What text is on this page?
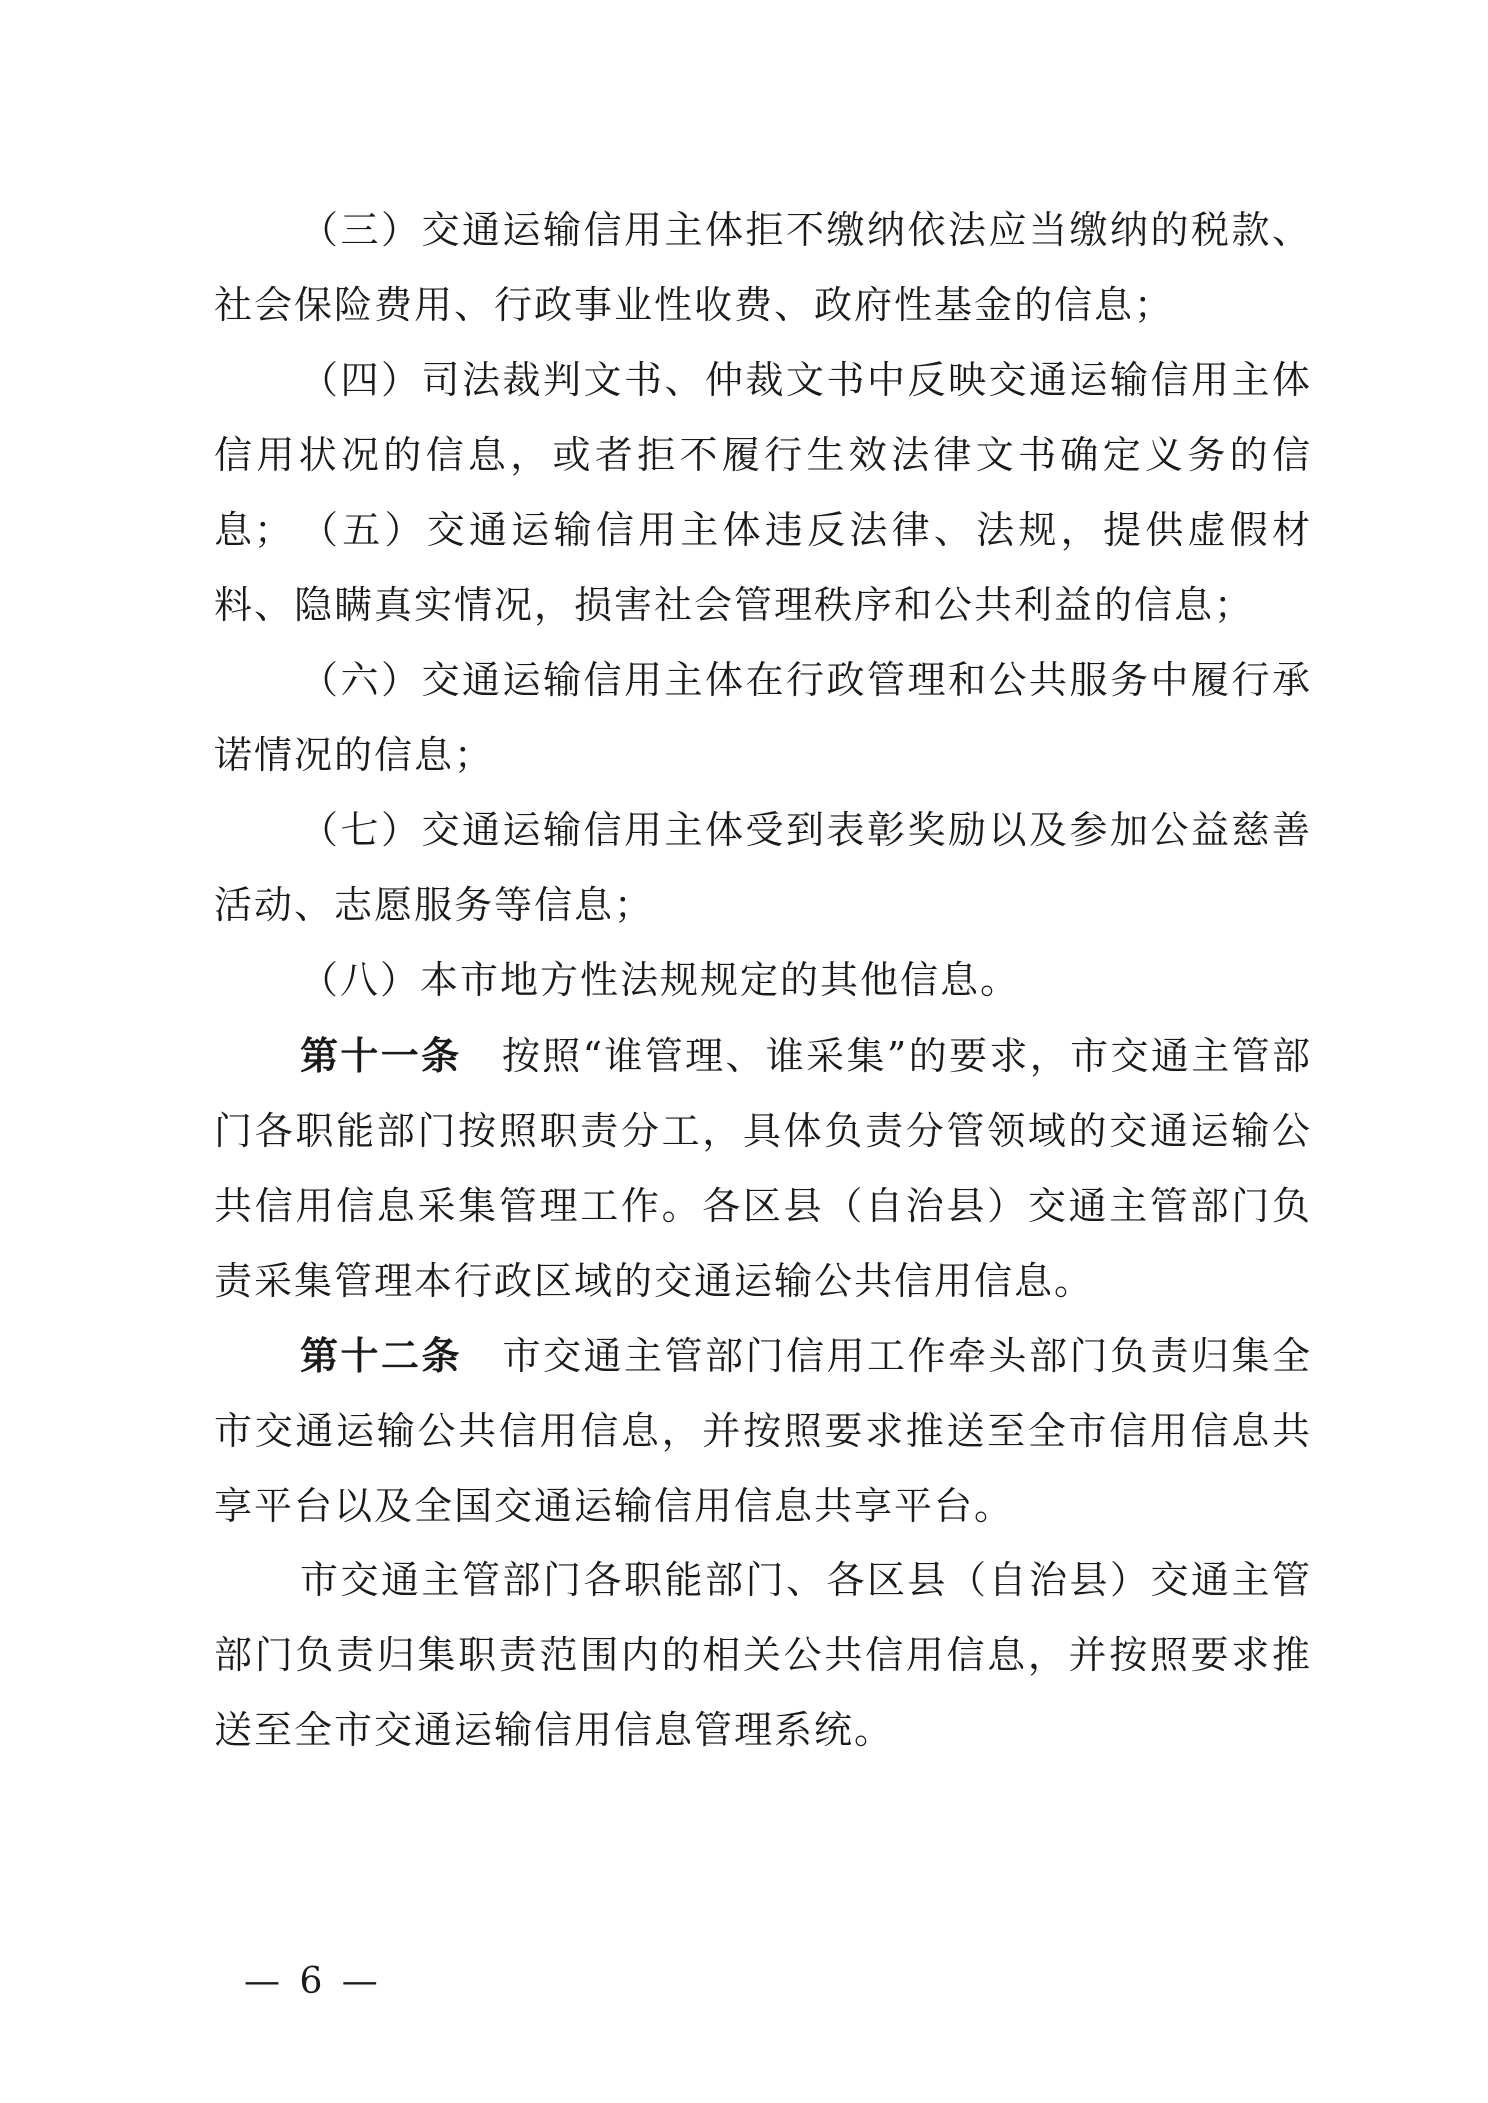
（三）交通运输信用主体拒不缴纳依法应当缴纳的税款、社会保险费用、行政事业性收费、政府性基金的信息；

（四）司法裁判文书、仲裁文书中反映交通运输信用主体信用状况的信息，或者拒不履行生效法律文书确定义务的信息； （五）交通运输信用主体违反法律、法规，提供虚假材料、隐瞒真实情况，损害社会管理秩序和公共利益的信息；

（六）交通运输信用主体在行政管理和公共服务中履行承诺情况的信息；

（七）交通运输信用主体受到表彰奖励以及参加公益慈善活动、志愿服务等信息；

（八）本市地方性法规规定的其他信息。

第十一条　 按照“谁管理、谁采集”的要求，市交通主管部门各职能部门按照职责分工，具体负责分管领域的交通运输公共信用信息采集管理工作。各区县（自治县）交通主管部门负责采集管理本行政区域的交通运输公共信用信息。

第十二条　 市交通主管部门信用工作牵头部门负责归集全市交通运输公共信用信息，并按照要求推送至全市信用信息共享平台以及全国交通运输信用信息共享平台。

市交通主管部门各职能部门、各区县（自治县）交通主管部门负责归集职责范围内的相关公共信用信息，并按照要求推送至全市交通运输信用信息管理系统。

— 6 —
